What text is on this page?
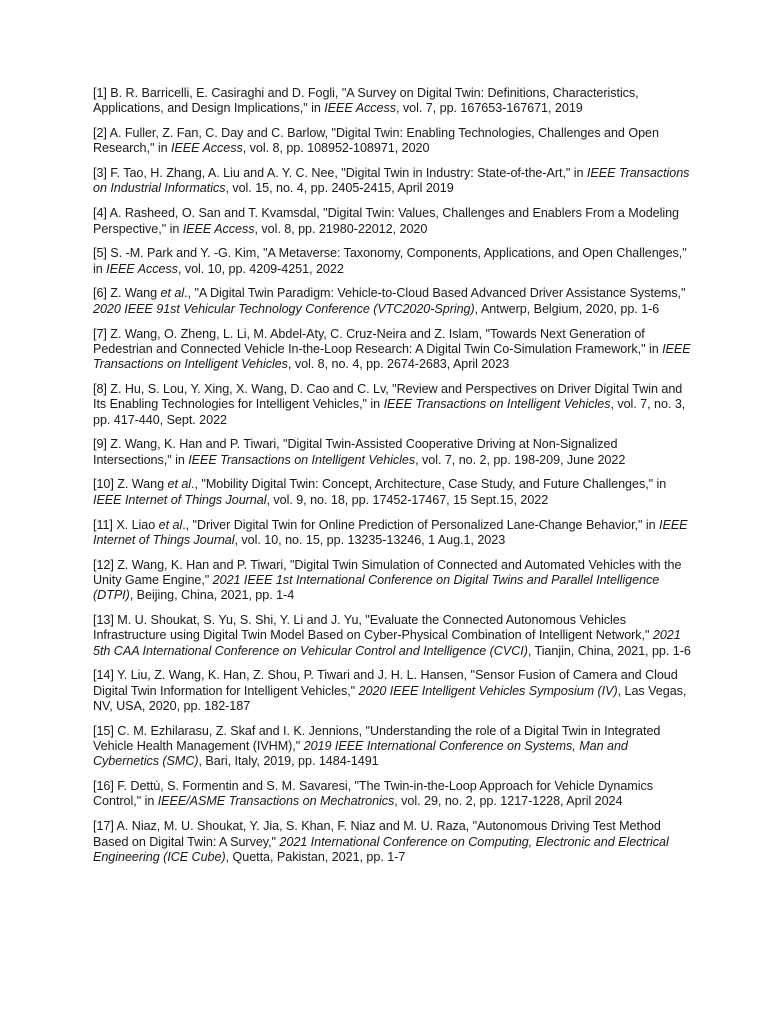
[1] B. R. Barricelli, E. Casiraghi and D. Fogli, "A Survey on Digital Twin: Definitions, Characteristics, Applications, and Design Implications," in IEEE Access, vol. 7, pp. 167653-167671, 2019

[2] A. Fuller, Z. Fan, C. Day and C. Barlow, "Digital Twin: Enabling Technologies, Challenges and Open Research," in IEEE Access, vol. 8, pp. 108952-108971, 2020

[3] F. Tao, H. Zhang, A. Liu and A. Y. C. Nee, "Digital Twin in Industry: State-of-the-Art," in IEEE Transactions on Industrial Informatics, vol. 15, no. 4, pp. 2405-2415, April 2019

[4] A. Rasheed, O. San and T. Kvamsdal, "Digital Twin: Values, Challenges and Enablers From a Modeling Perspective," in IEEE Access, vol. 8, pp. 21980-22012, 2020

[5] S. -M. Park and Y. -G. Kim, "A Metaverse: Taxonomy, Components, Applications, and Open Challenges," in IEEE Access, vol. 10, pp. 4209-4251, 2022

[6] Z. Wang et al., "A Digital Twin Paradigm: Vehicle-to-Cloud Based Advanced Driver Assistance Systems," 2020 IEEE 91st Vehicular Technology Conference (VTC2020-Spring), Antwerp, Belgium, 2020, pp. 1-6

[7] Z. Wang, O. Zheng, L. Li, M. Abdel-Aty, C. Cruz-Neira and Z. Islam, "Towards Next Generation of Pedestrian and Connected Vehicle In-the-Loop Research: A Digital Twin Co-Simulation Framework," in IEEE Transactions on Intelligent Vehicles, vol. 8, no. 4, pp. 2674-2683, April 2023

[8] Z. Hu, S. Lou, Y. Xing, X. Wang, D. Cao and C. Lv, "Review and Perspectives on Driver Digital Twin and Its Enabling Technologies for Intelligent Vehicles," in IEEE Transactions on Intelligent Vehicles, vol. 7, no. 3, pp. 417-440, Sept. 2022

[9] Z. Wang, K. Han and P. Tiwari, "Digital Twin-Assisted Cooperative Driving at Non-Signalized Intersections," in IEEE Transactions on Intelligent Vehicles, vol. 7, no. 2, pp. 198-209, June 2022

[10] Z. Wang et al., "Mobility Digital Twin: Concept, Architecture, Case Study, and Future Challenges," in IEEE Internet of Things Journal, vol. 9, no. 18, pp. 17452-17467, 15 Sept.15, 2022

[11] X. Liao et al., "Driver Digital Twin for Online Prediction of Personalized Lane-Change Behavior," in IEEE Internet of Things Journal, vol. 10, no. 15, pp. 13235-13246, 1 Aug.1, 2023

[12] Z. Wang, K. Han and P. Tiwari, "Digital Twin Simulation of Connected and Automated Vehicles with the Unity Game Engine," 2021 IEEE 1st International Conference on Digital Twins and Parallel Intelligence (DTPI), Beijing, China, 2021, pp. 1-4

[13] M. U. Shoukat, S. Yu, S. Shi, Y. Li and J. Yu, "Evaluate the Connected Autonomous Vehicles Infrastructure using Digital Twin Model Based on Cyber-Physical Combination of Intelligent Network," 2021 5th CAA International Conference on Vehicular Control and Intelligence (CVCI), Tianjin, China, 2021, pp. 1-6

[14] Y. Liu, Z. Wang, K. Han, Z. Shou, P. Tiwari and J. H. L. Hansen, "Sensor Fusion of Camera and Cloud Digital Twin Information for Intelligent Vehicles," 2020 IEEE Intelligent Vehicles Symposium (IV), Las Vegas, NV, USA, 2020, pp. 182-187

[15] C. M. Ezhilarasu, Z. Skaf and I. K. Jennions, "Understanding the role of a Digital Twin in Integrated Vehicle Health Management (IVHM)," 2019 IEEE International Conference on Systems, Man and Cybernetics (SMC), Bari, Italy, 2019, pp. 1484-1491

[16] F. Dettù, S. Formentin and S. M. Savaresi, "The Twin-in-the-Loop Approach for Vehicle Dynamics Control," in IEEE/ASME Transactions on Mechatronics, vol. 29, no. 2, pp. 1217-1228, April 2024

[17] A. Niaz, M. U. Shoukat, Y. Jia, S. Khan, F. Niaz and M. U. Raza, "Autonomous Driving Test Method Based on Digital Twin: A Survey," 2021 International Conference on Computing, Electronic and Electrical Engineering (ICE Cube), Quetta, Pakistan, 2021, pp. 1-7
